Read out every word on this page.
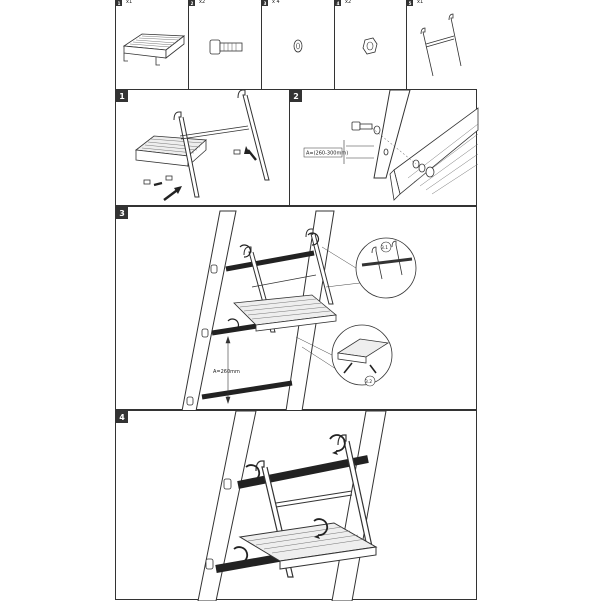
1	x1	2	x2	3	x 4	4	x2	5	x1
1	2
A=(260-300mm)
3
A=260mm
3.1
3.2
4
